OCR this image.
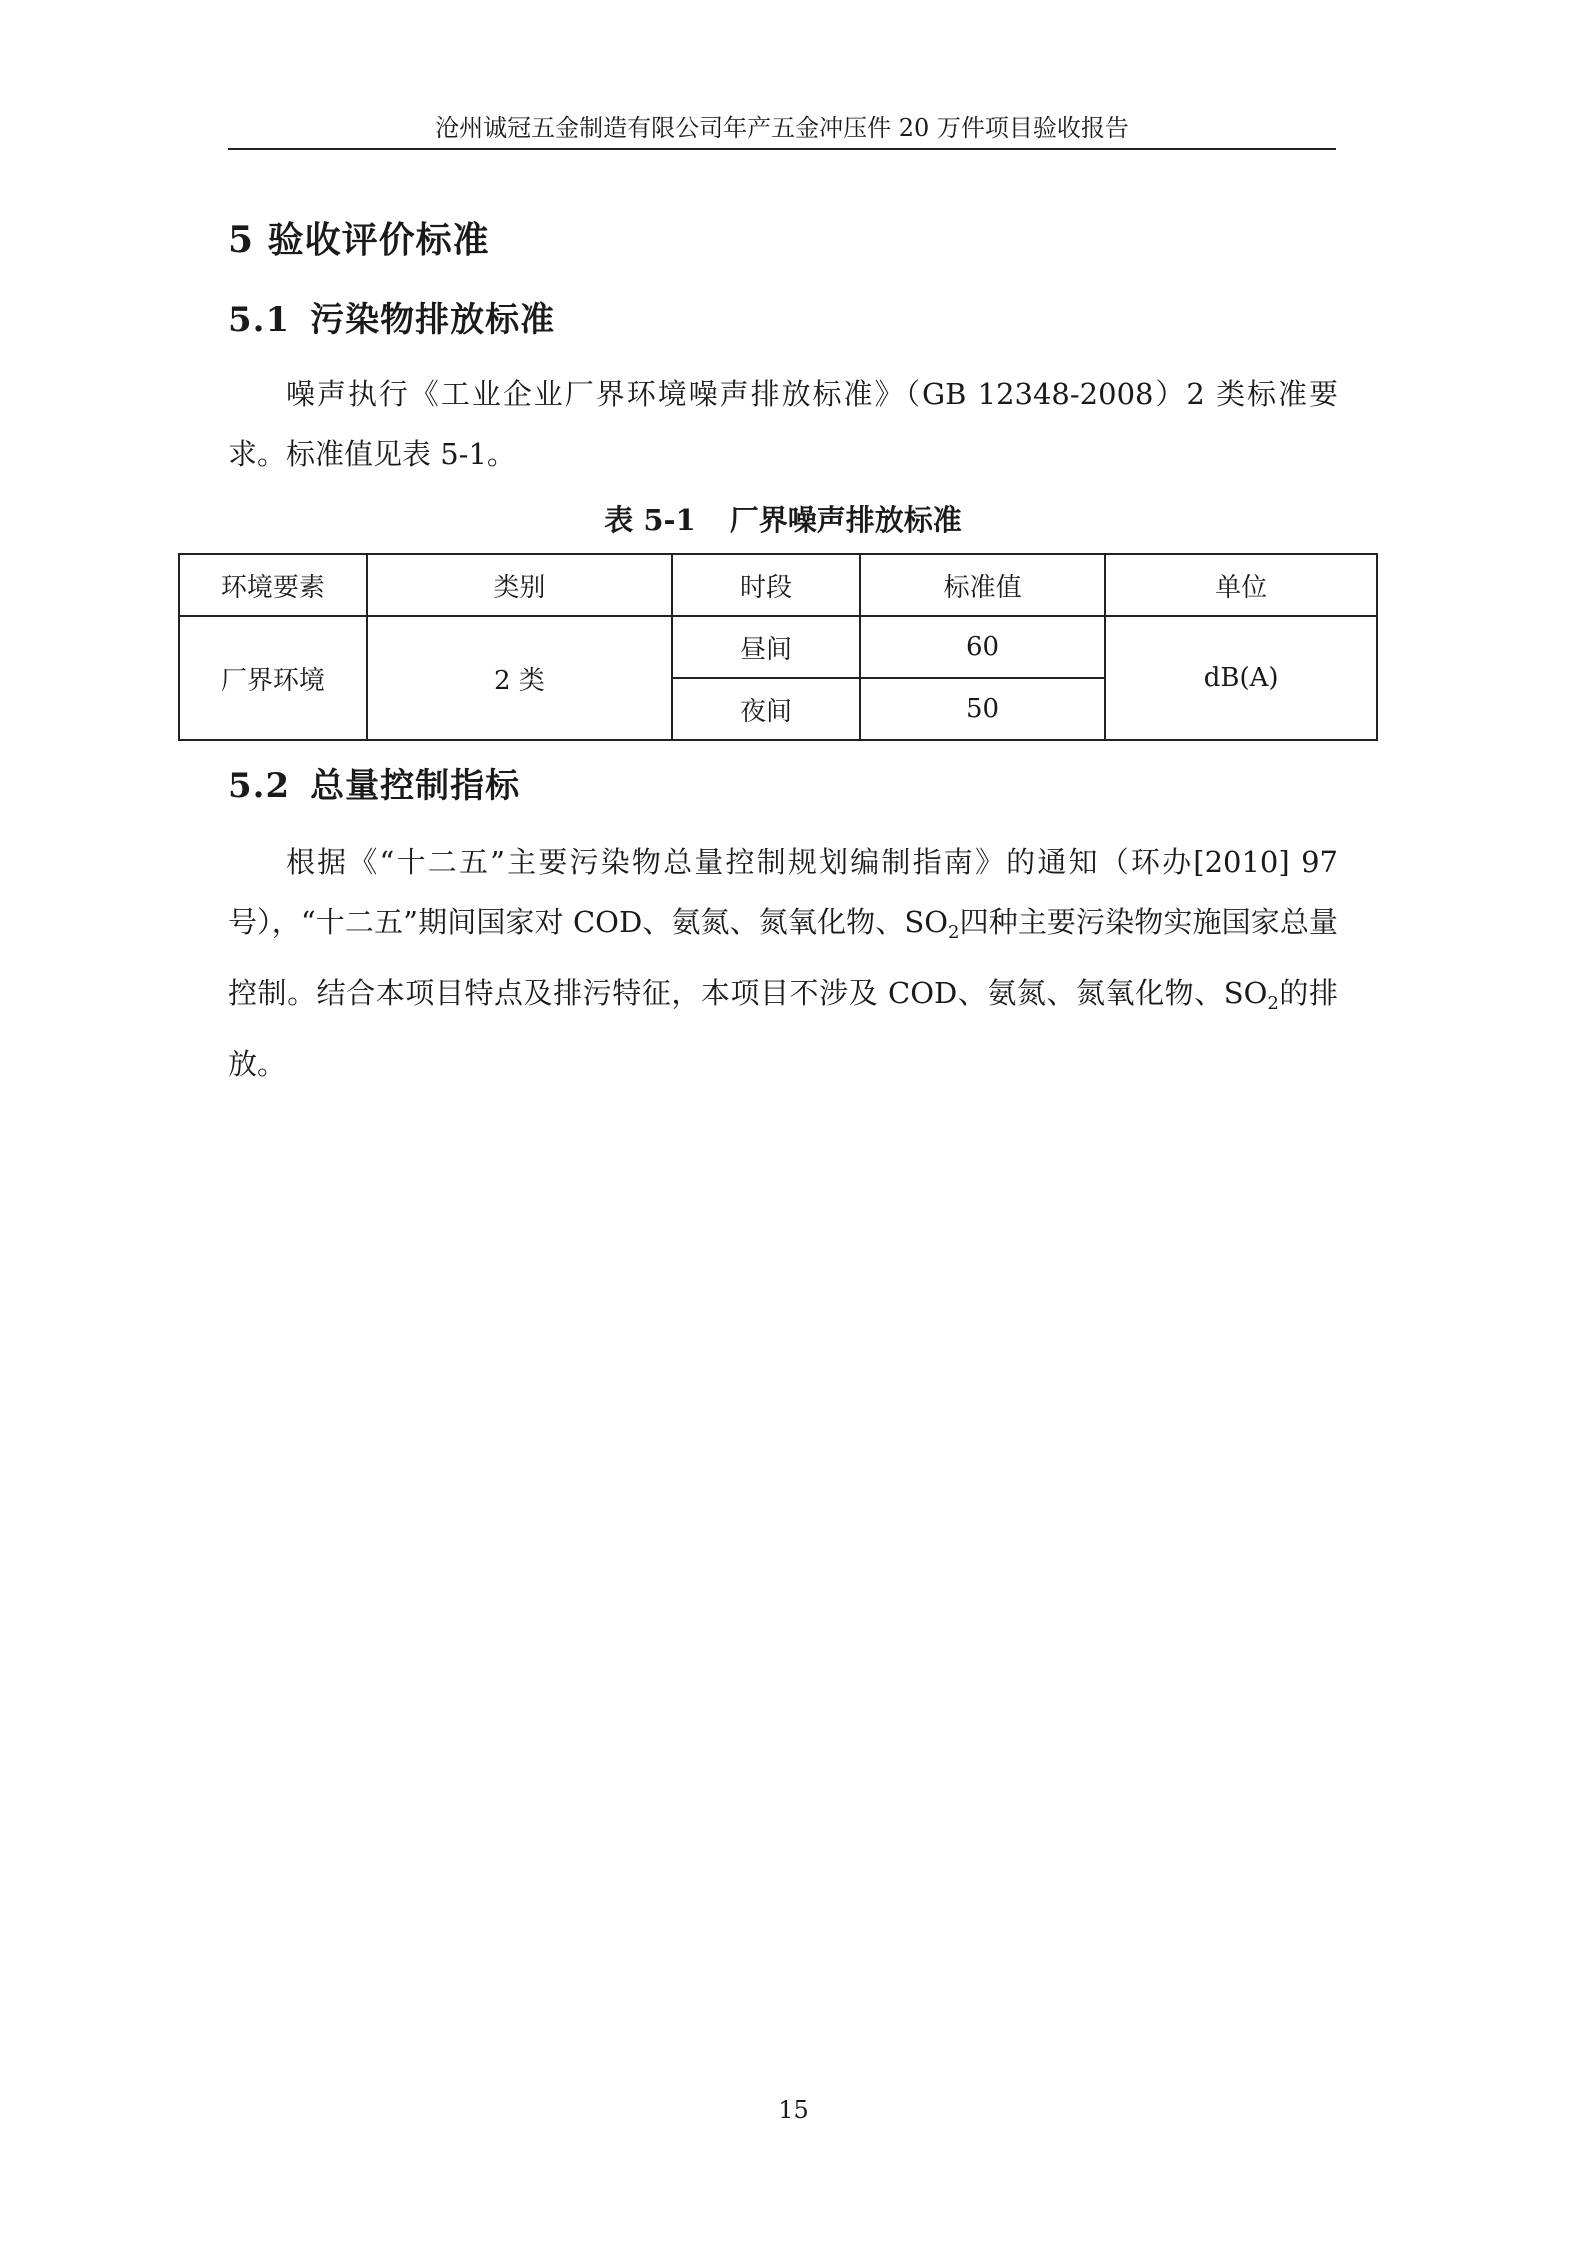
沧州诚冠五金制造有限公司年产五金冲压件 20 万件项目验收报告
5 验收评价标准
5.1 污染物排放标准

噪声执行《工业企业厂界环境噪声排放标准》（GB 12348-2008）2 类标准要求。标准值见表 5-1。

表 5-1 厂界噪声排放标准
环境要素	类别	时段	标准值	单位
厂界环境	2 类	昼间	60	dB(A)
		夜间	50	
5.2 总量控制指标

根据《“十二五”主要污染物总量控制规划编制指南》的通知（环办[2010] 97 号），“十二五”期间国家对 COD、氨氮、氮氧化物、$SO_2$四种主要污染物实施国家总量控制。结合本项目特点及排污特征，本项目不涉及 COD、氨氮、氮氧化物、$SO_2$的排放。

15
